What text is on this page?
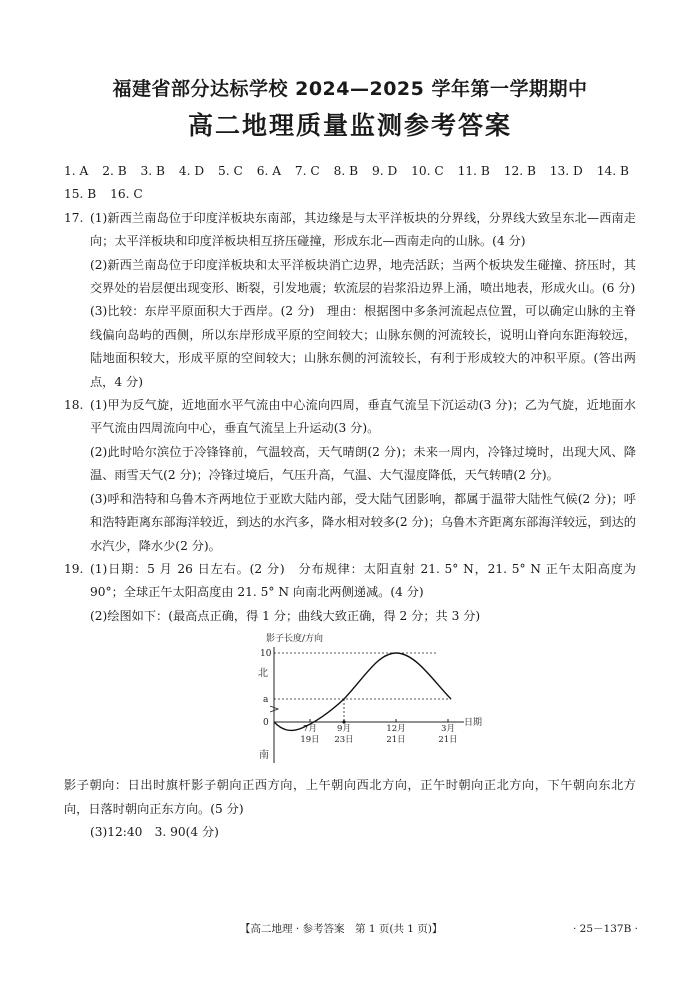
福建省部分达标学校 2024—2025 学年第一学期期中
高二地理质量监测参考答案
1. A 2. B 3. B 4. D 5. C 6. A 7. C 8. B 9. D 10. C 11. B 12. B 13. D 14. B
15. B 16. C
17. (1)新西兰南岛位于印度洋板块东南部，其边缘是与太平洋板块的分界线，分界线大致呈东北—西南走向；太平洋板块和印度洋板块相互挤压碰撞，形成东北—西南走向的山脉。(4 分)
(2)新西兰南岛位于印度洋板块和太平洋板块消亡边界，地壳活跃；当两个板块发生碰撞、挤压时，其交界处的岩层便出现变形、断裂，引发地震；软流层的岩浆沿边界上涌，喷出地表，形成火山。(6 分)
(3)比较：东岸平原面积大于西岸。(2 分)　理由：根据图中多条河流起点位置，可以确定山脉的主脊线偏向岛屿的西侧，所以东岸形成平原的空间较大；山脉东侧的河流较长，说明山脊向东距海较远，陆地面积较大，形成平原的空间较大；山脉东侧的河流较长，有利于形成较大的冲积平原。(答出两点，4 分)
18. (1)甲为反气旋，近地面水平气流由中心流向四周，垂直气流呈下沉运动(3 分)；乙为气旋，近地面水平气流由四周流向中心，垂直气流呈上升运动(3 分)。
(2)此时哈尔滨位于冷锋锋前，气温较高，天气晴朗(2 分)；未来一周内，冷锋过境时，出现大风、降温、雨雪天气(2 分)；冷锋过境后，气压升高，气温、大气湿度降低，天气转晴(2 分)。
(3)呼和浩特和乌鲁木齐两地位于亚欧大陆内部，受大陆气团影响，都属于温带大陆性气候(2 分)；呼和浩特距离东部海洋较近，到达的水汽多，降水相对较多(2 分)；乌鲁木齐距离东部海洋较远，到达的水汽少，降水少(2 分)。
19. (1)日期：5 月 26 日左右。(2 分)　分布规律：太阳直射 21. 5° N，21. 5° N 正午太阳高度为 90°；全球正午太阳高度由 21. 5° N 向南北两侧递减。(4 分)
(2)绘图如下：(最高点正确，得 1 分；曲线大致正确，得 2 分；共 3 分)
影子长度/方向
10
北
a
0
南
7月
19日
9月
23日
12月
21日
3月
21日
日期
影子朝向：日出时旗杆影子朝向正西方向，上午朝向西北方向，正午时朝向正北方向，下午朝向东北方向，日落时朝向正东方向。(5 分)
(3)12:40　3. 90(4 分)
【高二地理 · 参考答案　第 1 页(共 1 页)】	· 25－137B ·
